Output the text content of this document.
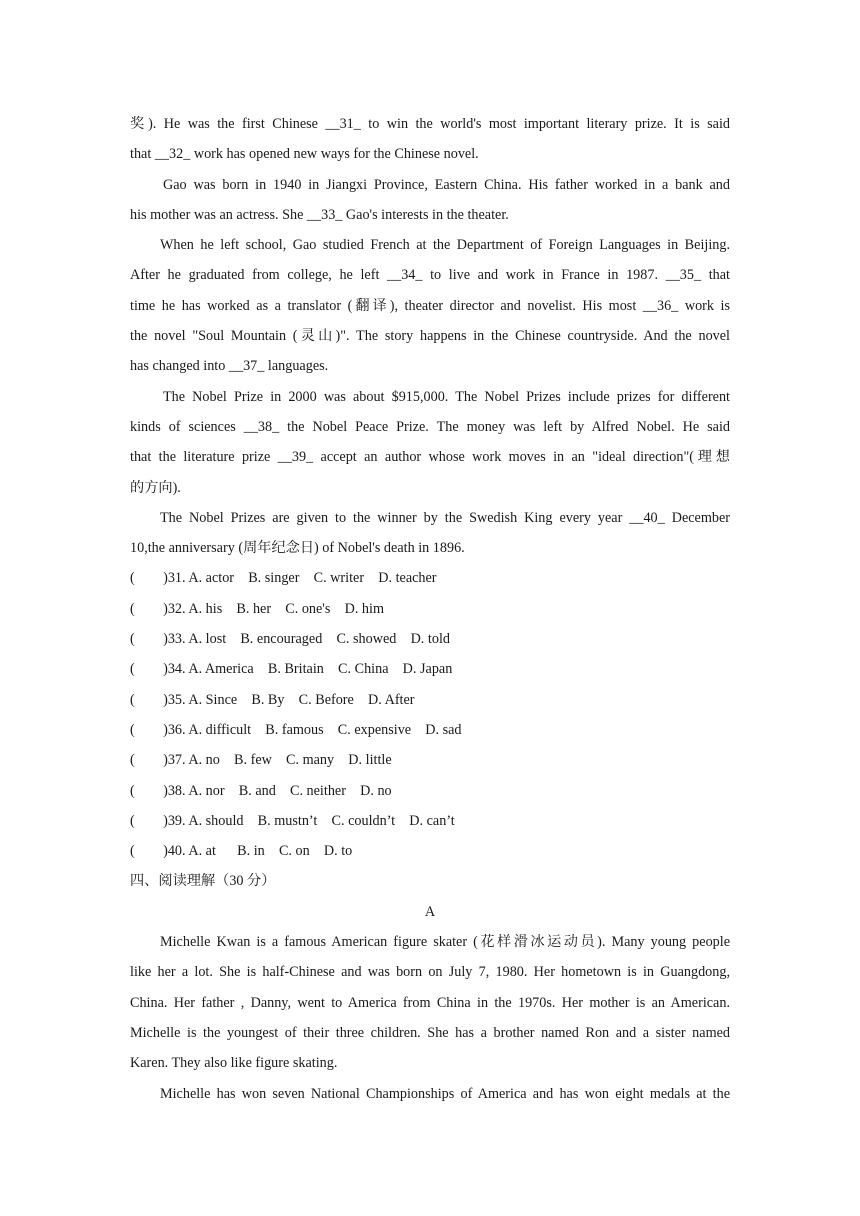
奖). He was the first Chinese __31_ to win the world's most important literary prize. It is said
that __32_ work has opened new ways for the Chinese novel.
Gao was born in 1940 in Jiangxi Province, Eastern China. His father worked in a bank and
his mother was an actress. She __33_ Gao's interests in the theater.
When he left school, Gao studied French at the Department of Foreign Languages in Beijing.
After he graduated from college, he left __34_ to live and work in France in 1987. __35_ that
time he has worked as a translator (翻译), theater director and novelist. His most __36_ work is
the novel "Soul Mountain (灵山)". The story happens in the Chinese countryside. And the novel
has changed into __37_ languages.
The Nobel Prize in 2000 was about $915,000. The Nobel Prizes include prizes for different
kinds of sciences __38_ the Nobel Peace Prize. The money was left by Alfred Nobel. He said
that the literature prize __39_ accept an author whose work moves in an "ideal direction"(理想
的方向).
The Nobel Prizes are given to the winner by the Swedish King every year __40_ December
10,the anniversary (周年纪念日) of Nobel's death in 1896.
(        )31. A. actor    B. singer    C. writer    D. teacher
(        )32. A. his    B. her    C. one's    D. him
(        )33. A. lost    B. encouraged    C. showed    D. told
(        )34. A. America    B. Britain    C. China    D. Japan
(        )35. A. Since    B. By    C. Before    D. After
(        )36. A. difficult    B. famous    C. expensive    D. sad
(        )37. A. no    B. few    C. many    D. little
(        )38. A. nor    B. and    C. neither    D. no
(        )39. A. should    B. mustn’t    C. couldn’t    D. can’t
(        )40. A. at      B. in    C. on    D. to
四、阅读理解（30 分）
A
Michelle Kwan is a famous American figure skater (花样滑冰运动员). Many young people
like her a lot. She is half-Chinese and was born on July 7, 1980. Her hometown is in Guangdong,
China. Her father , Danny, went to America from China in the 1970s. Her mother is an American.
Michelle is the youngest of their three children. She has a brother named Ron and a sister named
Karen. They also like figure skating.
Michelle has won seven National Championships of America and has won eight medals at the
